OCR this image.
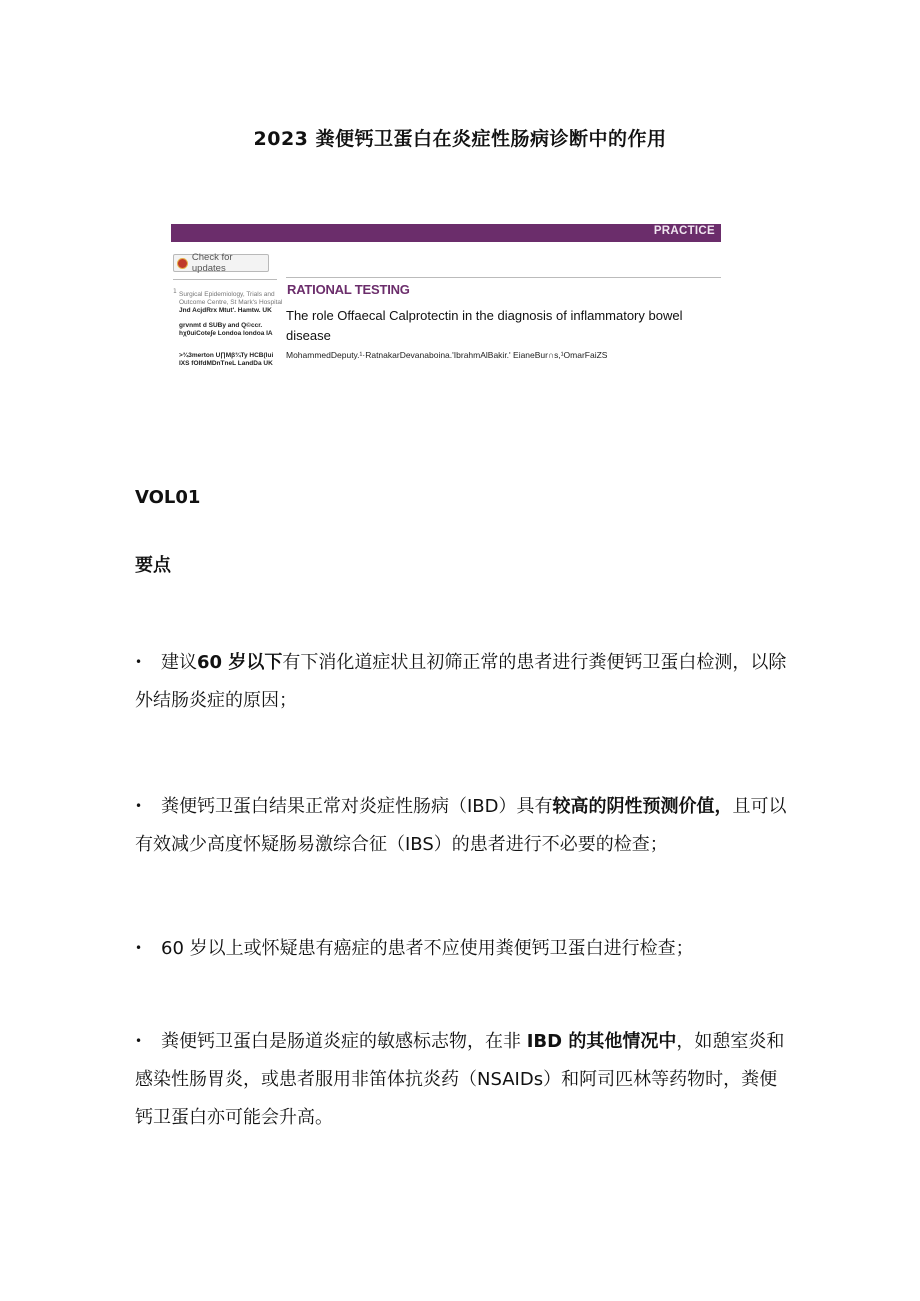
2023 粪便钙卫蛋白在炎症性肠病诊断中的作用
PRACTICE
Check for updates
RATIONAL TESTING
1 Surgical Epidemiology, Trials and
Outcome Centre, St Mark's Hospital
Jnd AcjdRrx Mtut'. Hamtw. UK
grvnmt d SUBy and Q©ccr.
hχ0uiCote∫e Londoa londoa IA
>¾3merton U∏Mβ¾Ty HCB(lui
IXS fOIfdMDnTneL LandDa UK
The role Offaecal Calprotectin in the diagnosis of inflammatory bowel disease
MohammedDeputy.¹·RatnakarDevanaboina.'IbrahmAlBakir.' EianeBur∩s,¹OmarFaiZS
VOL01
要点
• 建议60 岁以下有下消化道症状且初筛正常的患者进行粪便钙卫蛋白检测，以除外结肠炎症的原因；
• 粪便钙卫蛋白结果正常对炎症性肠病（IBD）具有较高的阴性预测价值，且可以有效减少高度怀疑肠易激综合征（IBS）的患者进行不必要的检查；
• 60 岁以上或怀疑患有癌症的患者不应使用粪便钙卫蛋白进行检查；
• 粪便钙卫蛋白是肠道炎症的敏感标志物，在非 IBD 的其他情况中，如憩室炎和感染性肠胃炎，或患者服用非笛体抗炎药（NSAIDs）和阿司匹林等药物时，粪便钙卫蛋白亦可能会升高。
